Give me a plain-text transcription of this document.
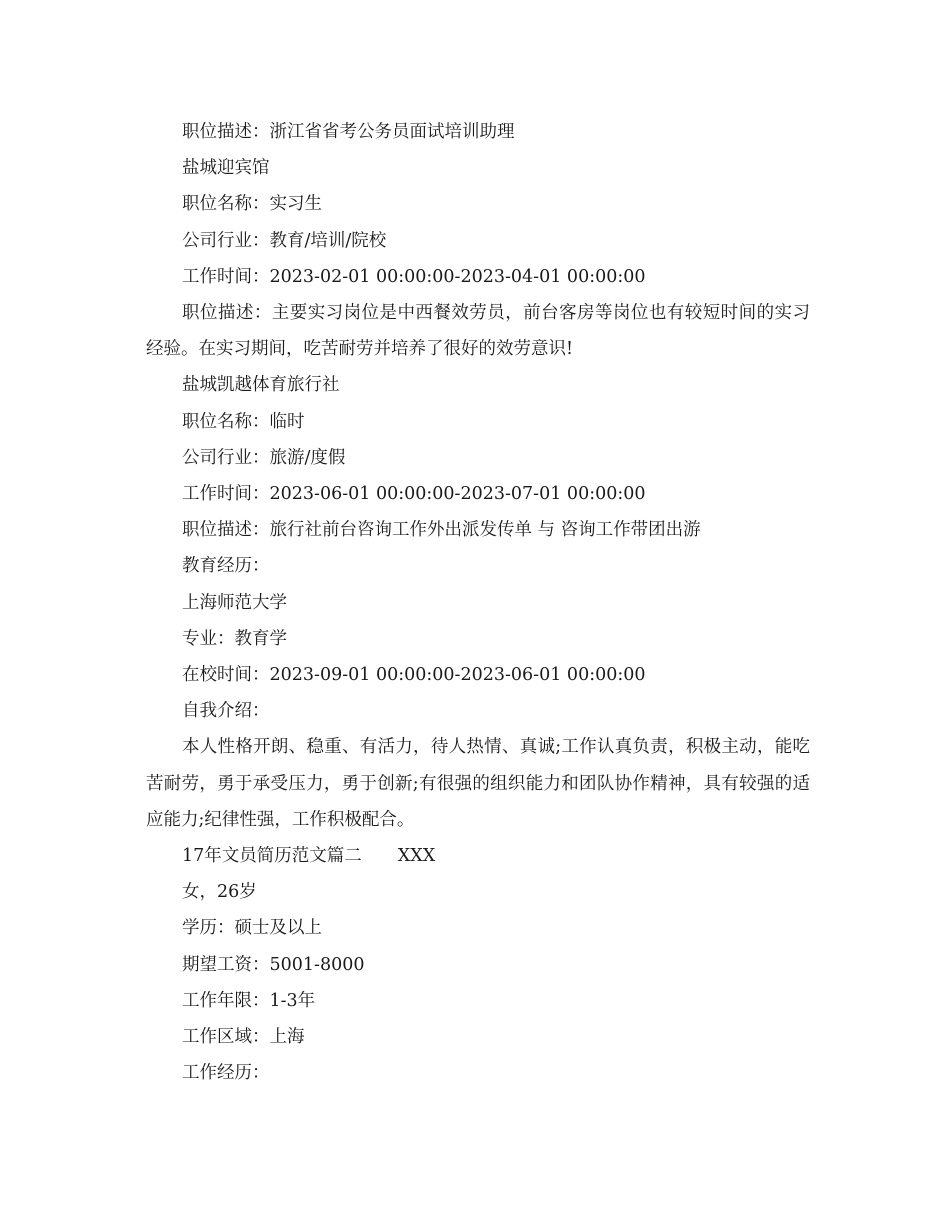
职位描述：浙江省省考公务员面试培训助理

盐城迎宾馆

职位名称：实习生

公司行业：教育/培训/院校

工作时间：2023-02-01 00:00:00-2023-04-01 00:00:00

职位描述：主要实习岗位是中西餐效劳员，前台客房等岗位也有较短时间的实习经验。在实习期间，吃苦耐劳并培养了很好的效劳意识!

盐城凯越体育旅行社

职位名称：临时

公司行业：旅游/度假

工作时间：2023-06-01 00:00:00-2023-07-01 00:00:00

职位描述：旅行社前台咨询工作外出派发传单 与 咨询工作带团出游

教育经历：

上海师范大学

专业：教育学

在校时间：2023-09-01 00:00:00-2023-06-01 00:00:00

自我介绍：

本人性格开朗、稳重、有活力，待人热情、真诚;工作认真负责，积极主动，能吃苦耐劳，勇于承受压力，勇于创新;有很强的组织能力和团队协作精神，具有较强的适应能力;纪律性强，工作积极配合。

17年文员简历范文篇二 XXX

女，26岁

学历：硕士及以上

期望工资：5001-8000

工作年限：1-3年

工作区域：上海

工作经历：
